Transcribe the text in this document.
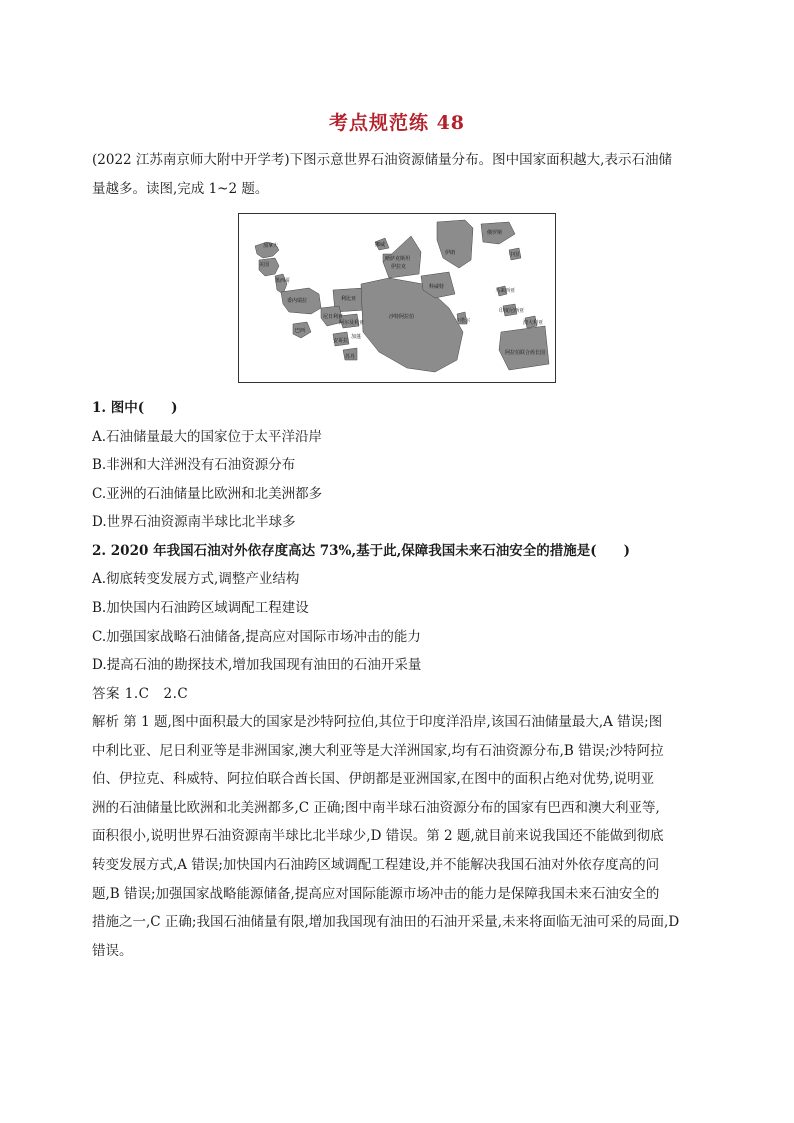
考点规范练 48
(2022 江苏南京师大附中开学考)下图示意世界石油资源储量分布。图中国家面积越大,表示石油储
量越多。读图,完成 1~2 题。
加拿大
美国
墨西哥
委内瑞拉
巴西
利比亚
尼日利亚
阿尔及利亚
安哥拉
加蓬
苏丹
挪威
哈萨克斯坦
伊拉克
沙特阿拉伯
科威特
卡塔尔
伊朗
俄罗斯
中国
印度尼西亚
马来西亚
澳大利亚
阿拉伯联合酋长国
1. 图中(　　)
A.石油储量最大的国家位于太平洋沿岸
B.非洲和大洋洲没有石油资源分布
C.亚洲的石油储量比欧洲和北美洲都多
D.世界石油资源南半球比北半球多
2. 2020 年我国石油对外依存度高达 73%,基于此,保障我国未来石油安全的措施是(　　)
A.彻底转变发展方式,调整产业结构
B.加快国内石油跨区域调配工程建设
C.加强国家战略石油储备,提高应对国际市场冲击的能力
D.提高石油的勘探技术,增加我国现有油田的石油开采量
答案 1.C　2.C
解析 第 1 题,图中面积最大的国家是沙特阿拉伯,其位于印度洋沿岸,该国石油储量最大,A 错误;图
中利比亚、尼日利亚等是非洲国家,澳大利亚等是大洋洲国家,均有石油资源分布,B 错误;沙特阿拉
伯、伊拉克、科威特、阿拉伯联合酋长国、伊朗都是亚洲国家,在图中的面积占绝对优势,说明亚
洲的石油储量比欧洲和北美洲都多,C 正确;图中南半球石油资源分布的国家有巴西和澳大利亚等,
面积很小,说明世界石油资源南半球比北半球少,D 错误。第 2 题,就目前来说我国还不能做到彻底
转变发展方式,A 错误;加快国内石油跨区域调配工程建设,并不能解决我国石油对外依存度高的问
题,B 错误;加强国家战略能源储备,提高应对国际能源市场冲击的能力是保障我国未来石油安全的
措施之一,C 正确;我国石油储量有限,增加我国现有油田的石油开采量,未来将面临无油可采的局面,D
错误。
